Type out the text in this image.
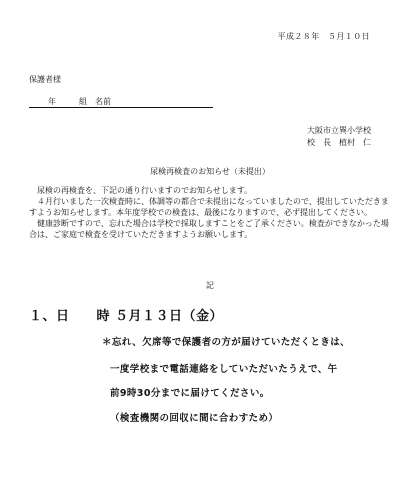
平成２８年　５月１０日
保護者様
年	組 名前
大阪市立巽小学校
校　長　植村　仁
尿検再検査のお知らせ（未提出）

尿検の再検査を、下記の通り行いますのでお知らせします。

４月行いました一次検査時に、体調等の都合で未提出になっていましたので、提出していただきますようお知らせします。本年度学校での検査は、最後になりますので、必ず提出してください。

健康診断ですので、忘れた場合は学校で採取しますことをご了承ください。検査ができなかった場合は、ご家庭で検査を受けていただきますようお願いします。

記
１、日　　時 ５月１３日（金）
＊忘れ、欠席等で保護者の方が届けていただくときは、
一度学校まで電話連絡をしていただいたうえで、午
前9時30分までに届けてください。
（検査機関の回収に間に合わすため）
